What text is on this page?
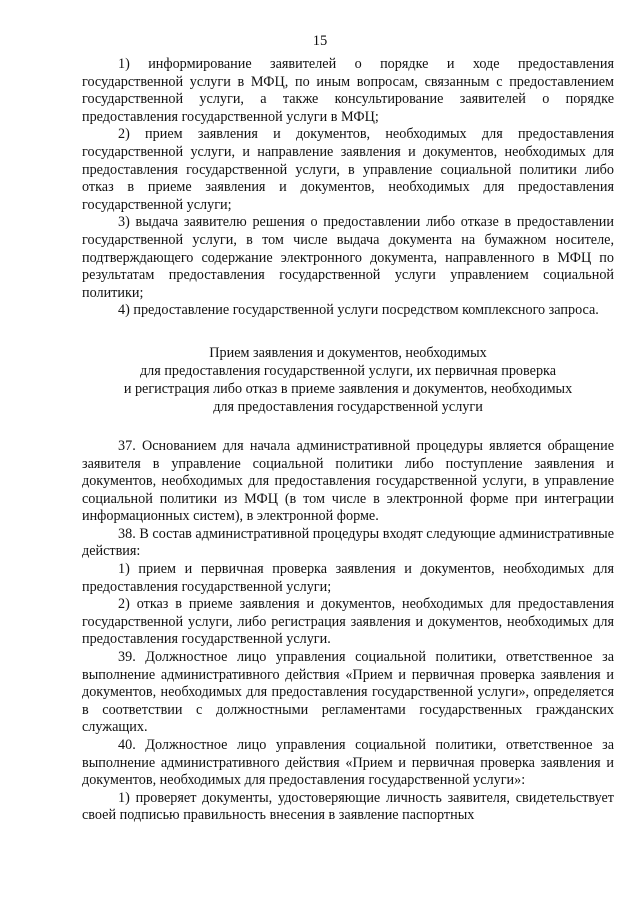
15

1) информирование заявителей о порядке и ходе предоставления государственной услуги в МФЦ, по иным вопросам, связанным с предоставлением государственной услуги, а также консультирование заявителей о порядке предоставления государственной услуги в МФЦ;

2) прием заявления и документов, необходимых для предоставления государственной услуги, и направление заявления и документов, необходимых для предоставления государственной услуги, в управление социальной политики либо отказ в приеме заявления и документов, необходимых для предоставления государственной услуги;

3) выдача заявителю решения о предоставлении либо отказе в предоставлении государственной услуги, в том числе выдача документа на бумажном носителе, подтверждающего содержание электронного документа, направленного в МФЦ по результатам предоставления государственной услуги управлением социальной политики;

4) предоставление государственной услуги посредством комплексного запроса.

Прием заявления и документов, необходимых
для предоставления государственной услуги, их первичная проверка
и регистрация либо отказ в приеме заявления и документов, необходимых
для предоставления государственной услуги

37. Основанием для начала административной процедуры является обращение заявителя в управление социальной политики либо поступление заявления и документов, необходимых для предоставления государственной услуги, в управление социальной политики из МФЦ (в том числе в электронной форме при интеграции информационных систем), в электронной форме.

38. В состав административной процедуры входят следующие административные действия:

1) прием и первичная проверка заявления и документов, необходимых для предоставления государственной услуги;

2) отказ в приеме заявления и документов, необходимых для предоставления государственной услуги, либо регистрация заявления и документов, необходимых для предоставления государственной услуги.

39. Должностное лицо управления социальной политики, ответственное за выполнение административного действия «Прием и первичная проверка заявления и документов, необходимых для предоставления государственной услуги», определяется в соответствии с должностными регламентами государственных гражданских служащих.

40. Должностное лицо управления социальной политики, ответственное за выполнение административного действия «Прием и первичная проверка заявления и документов, необходимых для предоставления государственной услуги»:

1) проверяет документы, удостоверяющие личность заявителя, свидетельствует своей подписью правильность внесения в заявление паспортных
